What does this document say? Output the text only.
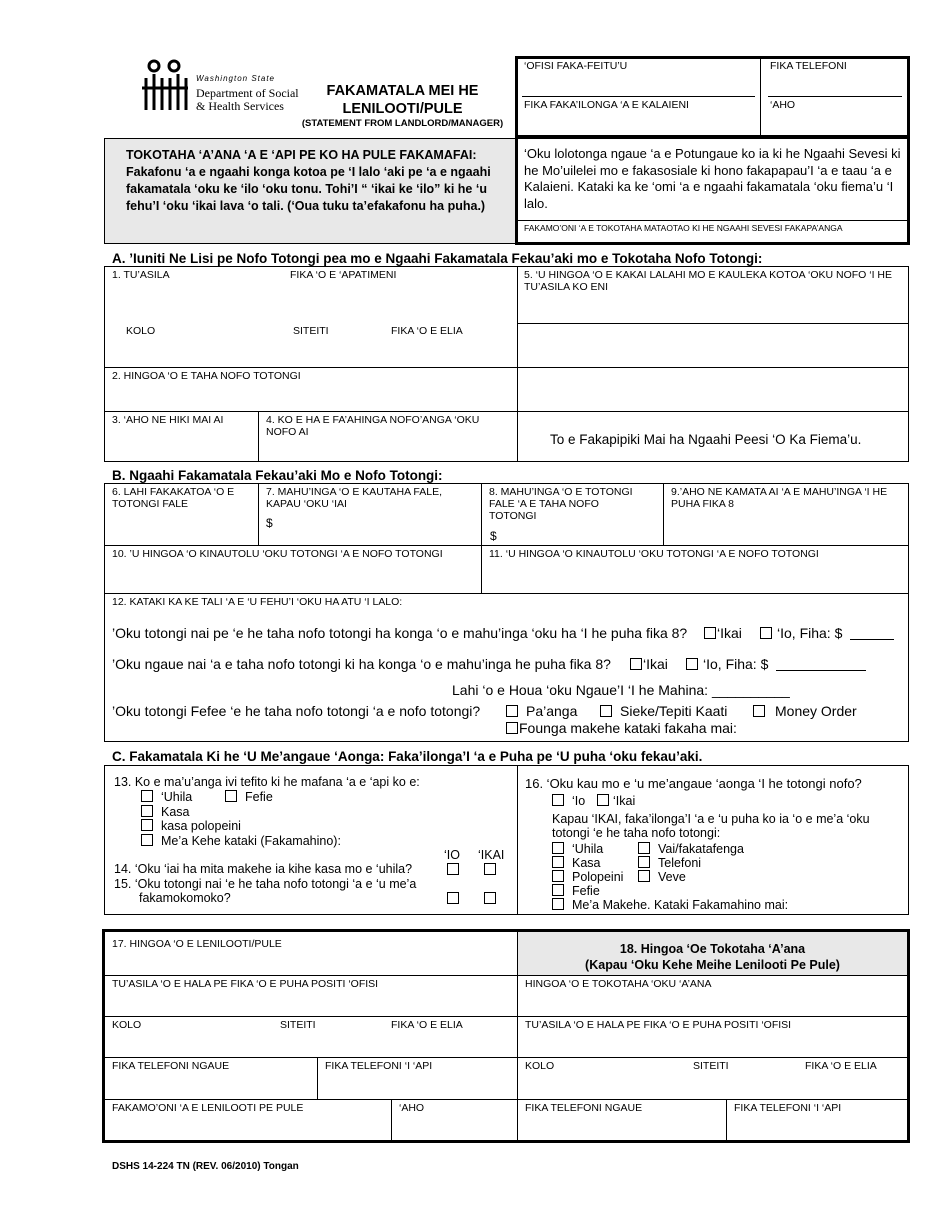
Washington State
Department of Social
& Health Services
FAKAMATALA MEI HE
LENILOOTI/PULE
(STATEMENT FROM LANDLORD/MANAGER)
‘OFISI FAKA-FEITU’U	FIKA TELEFONI
FIKA FAKA’ILONGA ‘A E KALAIENI	‘AHO
TOKOTAHA ‘A’ANA ‘A E ‘API PE KO HA PULE FAKAMAFAI: Fakafonu ‘a e ngaahi konga kotoa pe ‘I lalo ‘aki pe ‘a e ngaahi fakamatala ‘oku ke ‘ilo ‘oku tonu. Tohi’I “ ‘ikai ke ‘ilo” ki he ‘u fehu’I ‘oku ‘ikai lava ‘o tali. (‘Oua tuku ta’efakafonu ha puha.)
‘Oku lolotonga ngaue ‘a e Potungaue ko ia ki he Ngaahi Sevesi ki he Mo’uilelei mo e fakasosiale ki hono fakapapau’I ‘a e taau ‘a e Kalaieni. Kataki ka ke ‘omi ‘a e ngaahi fakamatala ‘oku fiema’u ‘I lalo.
FAKAMO’ONI ‘A E TOKOTAHA MATAOTAO KI HE NGAAHI SEVESI FAKAPA’ANGA
A. ’Iuniti Ne Lisi pe Nofo Totongi pea mo e Ngaahi Fakamatala Fekau’aki mo e Tokotaha Nofo Totongi:
1. TU’ASILA	FIKA ‘O E ‘APATIMENI
KOLO	SITEITI	FIKA ‘O E ELIA
2. HINGOA ‘O E TAHA NOFO TOTONGI
3. ‘AHO NE HIKI MAI AI	4. KO E HA E FA’AHINGA NOFO’ANGA ‘OKU NOFO AI
5. ‘U HINGOA ‘O E KAKAI LALAHI MO E KAULEKA KOTOA ‘OKU NOFO ‘I HE TU’ASILA KO ENI
To e Fakapipiki Mai ha Ngaahi Peesi ‘O Ka Fiema’u.
B. Ngaahi Fakamatala Fekau’aki Mo e Nofo Totongi:
6. LAHI FAKAKATOA ‘O E TOTONGI FALE
7. MAHU’INGA ‘O E KAUTAHA FALE, KAPAU ‘OKU ‘IAI
$
8. MAHU’INGA ‘O E TOTONGI FALE ‘A E TAHA NOFO TOTONGI
$
9.’AHO NE KAMATA AI ‘A E MAHU’INGA ‘I HE PUHA FIKA 8
10. ’U HINGOA ‘O KINAUTOLU ‘OKU TOTONGI ‘A E NOFO TOTONGI	11. ‘U HINGOA ‘O KINAUTOLU ‘OKU TOTONGI ‘A E NOFO TOTONGI
12. KATAKI KA KE TALI ‘A E ‘U FEHU’I ‘OKU HA ATU ‘I LALO:
’Oku totongi nai pe ‘e he taha nofo totongi ha konga ‘o e mahu’inga ‘oku ha ‘I he puha fika 8?	‘Ikai	‘Io, Fiha: $
’Oku ngaue nai ‘a e taha nofo totongi ki ha konga ‘o e mahu’inga he puha fika 8?	‘Ikai	‘Io, Fiha: $
Lahi ‘o e Houa ‘oku Ngaue’I ‘I he Mahina: __________
’Oku totongi Fefee ‘e he taha nofo totongi ‘a e nofo totongi?	Pa’anga	Sieke/Tepiti Kaati	Money Order
Founga makehe kataki fakaha mai:
C. Fakamatala Ki he ‘U Me’angaue ‘Aonga: Faka’ilonga’I ‘a e Puha pe ‘U puha ‘oku fekau’aki.
13. Ko e ma’u’anga ivi tefito ki he mafana ‘a e ‘api ko e:
‘Uhila	Fefie
Kasa
kasa polopeini
Me’a Kehe kataki (Fakamahino):
‘IO ‘IKAI
14. ‘Oku ‘iai ha mita makehe ia kihe kasa mo e ‘uhila?
15. ‘Oku totongi nai ‘e he taha nofo totongi ‘a e ‘u me’a
fakamokomoko?
16. ‘Oku kau mo e ‘u me’angaue ‘aonga ‘I he totongi nofo?
‘Io	‘Ikai
Kapau ‘IKAI, faka’ilonga’I ‘a e ‘u puha ko ia ‘o e me’a ‘oku totongi ‘e he taha nofo totongi:
‘Uhila
Kasa
Polopeini
Fefie
Vai/fakatafenga
Telefoni
Veve
Me’a Makehe. Kataki Fakamahino mai:
17. HINGOA ‘O E LENILOOTI/PULE
TU’ASILA ‘O E HALA PE FIKA ‘O E PUHA POSITI ‘OFISI
KOLO	SITEITI	FIKA ‘O E ELIA
FIKA TELEFONI NGAUE	FIKA TELEFONI ‘I ‘API
FAKAMO’ONI ‘A E LENILOOTI PE PULE	‘AHO
18. Hingoa ‘Oe Tokotaha ‘A’ana
(Kapau ‘Oku Kehe Meihe Lenilooti Pe Pule)
HINGOA ‘O E TOKOTAHA ‘OKU ‘A’ANA
TU’ASILA ‘O E HALA PE FIKA ‘O E PUHA POSITI ‘OFISI
KOLO	SITEITI	FIKA ‘O E ELIA
FIKA TELEFONI NGAUE	FIKA TELEFONI ‘I ‘API
DSHS 14-224 TN (REV. 06/2010) Tongan
